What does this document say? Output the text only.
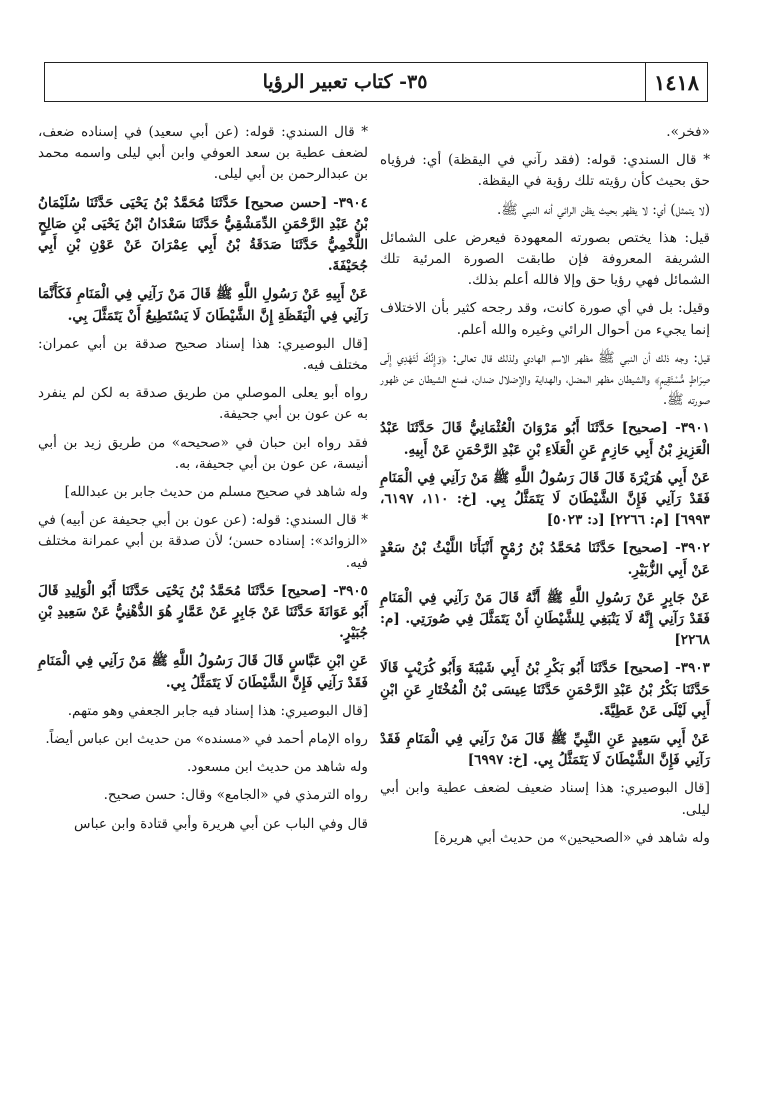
١٤١٨
٣٥- كتاب تعبير الرؤيا

«فخر».

* قال السندي: قوله: (فقد رآني في اليقظة) أي: فرؤياه حق بحيث كأن رؤيته تلك رؤية في اليقظة.

(لا يتمثل) أي: لا يظهر بحيث يظن الرائي أنه النبي ﷺ.

قيل: هذا يختص بصورته المعهودة فيعرض على الشمائل الشريفة المعروفة فإن طابقت الصورة المرئية تلك الشمائل فهي رؤيا حق وإلا فالله أعلم بذلك.

وقيل: بل في أي صورة كانت، وقد رجحه كثير بأن الاختلاف إنما يجيء من أحوال الرائي وغيره والله أعلم.

قيل: وجه ذلك أن النبي ﷺ مظهر الاسم الهادي ولذلك قال تعالى: ﴿وَإِنَّكَ لَتَهْدِي إِلَى صِرَاطٍ مُّسْتَقِيمٍ﴾ والشيطان مظهر المضل، والهداية والإضلال ضدان، فمنع الشيطان عن ظهور صورته ﷺ.

٣٩٠١- [صحيح] حَدَّثَنَا أَبُو مَرْوَانَ الْعُثْمَانِيُّ قَالَ حَدَّثَنَا عَبْدُ الْعَزِيزِ بْنُ أَبِي حَازِمٍ عَنِ الْعَلَاءِ بْنِ عَبْدِ الرَّحْمَنِ عَنْ أَبِيهِ.

عَنْ أَبِي هُرَيْرَةَ قَالَ قَالَ رَسُولُ اللَّهِ ﷺ مَنْ رَآنِي فِي الْمَنَامِ فَقَدْ رَآنِي فَإِنَّ الشَّيْطَانَ لَا يَتَمَثَّلُ بِي. [خ: ١١٠، ٦١٩٧، ٦٩٩٣] [م: ٢٢٦٦] [د: ٥٠٢٣]

٣٩٠٢- [صحيح] حَدَّثَنَا مُحَمَّدُ بْنُ رُمْحٍ أَنْبَأَنَا اللَّيْثُ بْنُ سَعْدٍ عَنْ أَبِي الزُّبَيْرِ.

عَنْ جَابِرٍ عَنْ رَسُولِ اللَّهِ ﷺ أَنَّهُ قَالَ مَنْ رَآنِي فِي الْمَنَامِ فَقَدْ رَآنِي إِنَّهُ لَا يَنْبَغِي لِلشَّيْطَانِ أَنْ يَتَمَثَّلَ فِي صُورَتِي. [م: ٢٢٦٨]

٣٩٠٣- [صحيح] حَدَّثَنَا أَبُو بَكْرِ بْنُ أَبِي شَيْبَةَ وَأَبُو كُرَيْبٍ قَالَا حَدَّثَنَا بَكْرُ بْنُ عَبْدِ الرَّحْمَنِ حَدَّثَنَا عِيسَى بْنُ الْمُخْتَارِ عَنِ ابْنِ أَبِي لَيْلَى عَنْ عَطِيَّةَ.

عَنْ أَبِي سَعِيدٍ عَنِ النَّبِيِّ ﷺ قَالَ مَنْ رَآنِي فِي الْمَنَامِ فَقَدْ رَآنِي فَإِنَّ الشَّيْطَانَ لَا يَتَمَثَّلُ بِي. [خ: ٦٩٩٧]

[قال البوصيري: هذا إسناد ضعيف لضعف عطية وابن أبي ليلى.

وله شاهد في «الصحيحين» من حديث أبي هريرة]

* قال السندي: قوله: (عن أبي سعيد) في إسناده ضعف، لضعف عطية بن سعد العوفي وابن أبي ليلى واسمه محمد بن عبدالرحمن بن أبي ليلى.

٣٩٠٤- [حسن صحيح] حَدَّثَنَا مُحَمَّدُ بْنُ يَحْيَى حَدَّثَنَا سُلَيْمَانُ بْنُ عَبْدِ الرَّحْمَنِ الدِّمَشْقِيُّ حَدَّثَنَا سَعْدَانُ ابْنُ يَحْيَى بْنِ صَالِحٍ اللَّخْمِيُّ حَدَّثَنَا صَدَقَةُ بْنُ أَبِي عِمْرَانَ عَنْ عَوْنِ بْنِ أَبِي جُحَيْفَةَ.

عَنْ أَبِيهِ عَنْ رَسُولِ اللَّهِ ﷺ قَالَ مَنْ رَآنِي فِي الْمَنَامِ فَكَأَنَّمَا رَآنِي فِي الْيَقَظَةِ إِنَّ الشَّيْطَانَ لَا يَسْتَطِيعُ أَنْ يَتَمَثَّلَ بِي.

[قال البوصيري: هذا إسناد صحيح صدقة بن أبي عمران: مختلف فيه.

رواه أبو يعلى الموصلي من طريق صدقة به لكن لم ينفرد به عن عون بن أبي جحيفة.

فقد رواه ابن حبان في «صحيحه» من طريق زيد بن أبي أنيسة، عن عون بن أبي جحيفة، به.

وله شاهد في صحيح مسلم من حديث جابر بن عبدالله]

* قال السندي: قوله: (عن عون بن أبي جحيفة عن أبيه) في «الزوائد»: إسناده حسن؛ لأن صدقة بن أبي عمرانة مختلف فيه.

٣٩٠٥- [صحيح] حَدَّثَنَا مُحَمَّدُ بْنُ يَحْيَى حَدَّثَنَا أَبُو الْوَلِيدِ قَالَ أَبُو عَوَانَةَ حَدَّثَنَا عَنْ جَابِرٍ عَنْ عَمَّارٍ هُوَ الدُّهْنِيُّ عَنْ سَعِيدِ بْنِ جُبَيْرٍ.

عَنِ ابْنِ عَبَّاسٍ قَالَ قَالَ رَسُولُ اللَّهِ ﷺ مَنْ رَآنِي فِي الْمَنَامِ فَقَدْ رَآنِي فَإِنَّ الشَّيْطَانَ لَا يَتَمَثَّلُ بِي.

[قال البوصيري: هذا إسناد فيه جابر الجعفي وهو متهم.

رواه الإمام أحمد في «مسنده» من حديث ابن عباس أيضاً.

وله شاهد من حديث ابن مسعود.

رواه الترمذي في «الجامع» وقال: حسن صحيح.

قال وفي الباب عن أبي هريرة وأبي قتادة وابن عباس
